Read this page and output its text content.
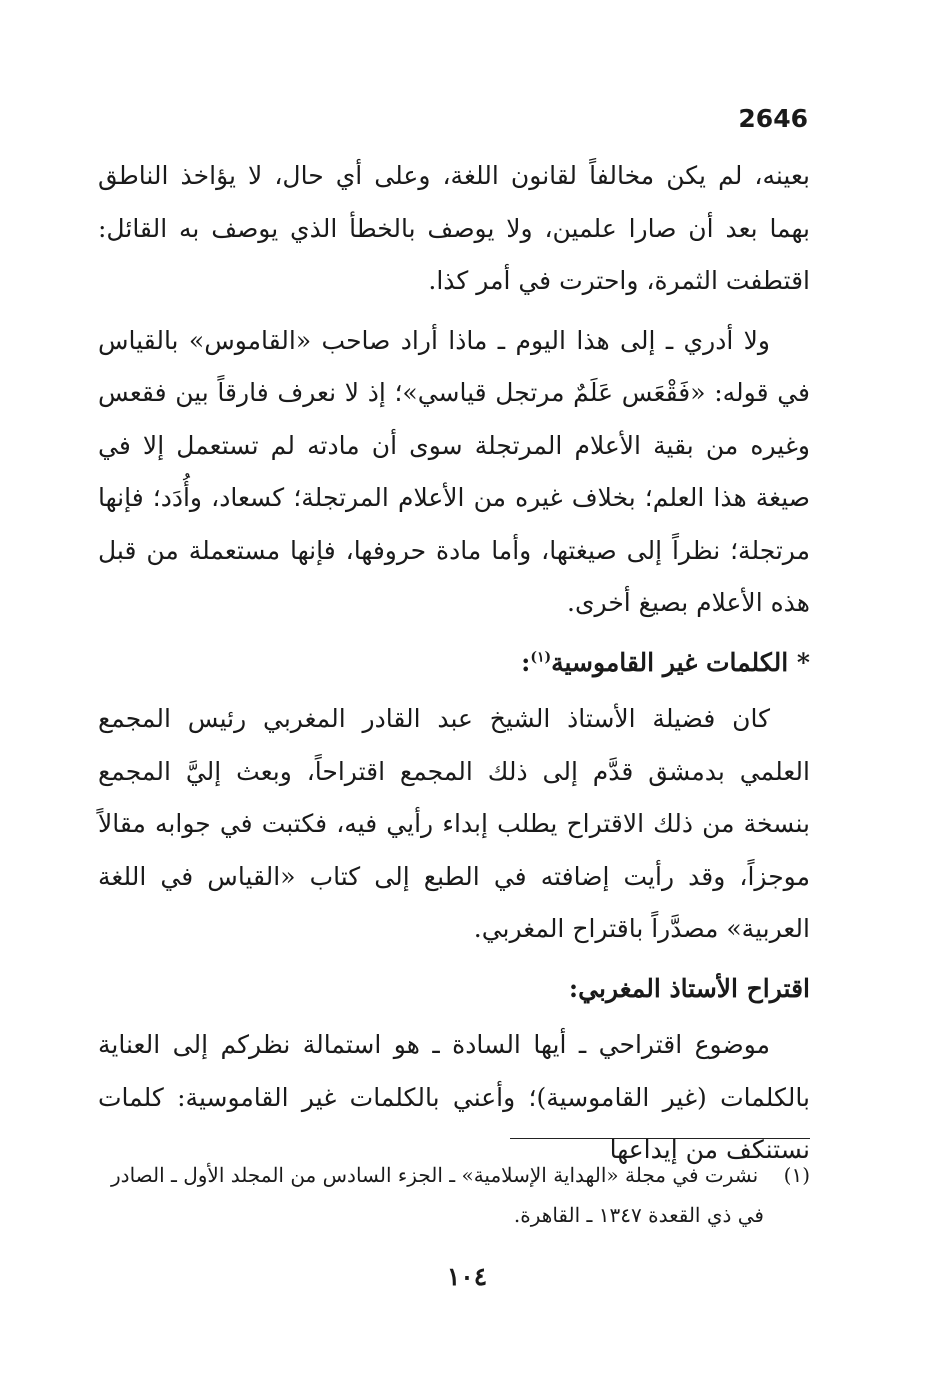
2646

بعينه، لم يكن مخالفاً لقانون اللغة، وعلى أي حال، لا يؤاخذ الناطق بهما بعد أن صارا علمين، ولا يوصف بالخطأ الذي يوصف به القائل: اقتطفت الثمرة، واحترت في أمر كذا.

ولا أدري ـ إلى هذا اليوم ـ ماذا أراد صاحب «القاموس» بالقياس في قوله: «فَقْعَس عَلَمٌ مرتجل قياسي»؛ إذ لا نعرف فارقاً بين فقعس وغيره من بقية الأعلام المرتجلة سوى أن مادته لم تستعمل إلا في صيغة هذا العلم؛ بخلاف غيره من الأعلام المرتجلة؛ كسعاد، وأُدَد؛ فإنها مرتجلة؛ نظراً إلى صيغتها، وأما مادة حروفها، فإنها مستعملة من قبل هذه الأعلام بصيغ أخرى.

* الكلمات غير القاموسية$^{(١)}$:

كان فضيلة الأستاذ الشيخ عبد القادر المغربي رئيس المجمع العلمي بدمشق قدَّم إلى ذلك المجمع اقتراحاً، وبعث إليَّ المجمع بنسخة من ذلك الاقتراح يطلب إبداء رأيي فيه، فكتبت في جوابه مقالاً موجزاً، وقد رأيت إضافته في الطبع إلى كتاب «القياس في اللغة العربية» مصدَّراً باقتراح المغربي.

اقتراح الأستاذ المغربي:

موضوع اقتراحي ـ أيها السادة ـ هو استمالة نظركم إلى العناية بالكلمات (غير القاموسية)؛ وأعني بالكلمات غير القاموسية: كلمات نستنكف من إيداعها

(١)    نشرت في مجلة «الهداية الإسلامية» ـ الجزء السادس من المجلد الأول ـ الصادر

في ذي القعدة ١٣٤٧ ـ القاهرة.

١٠٤
